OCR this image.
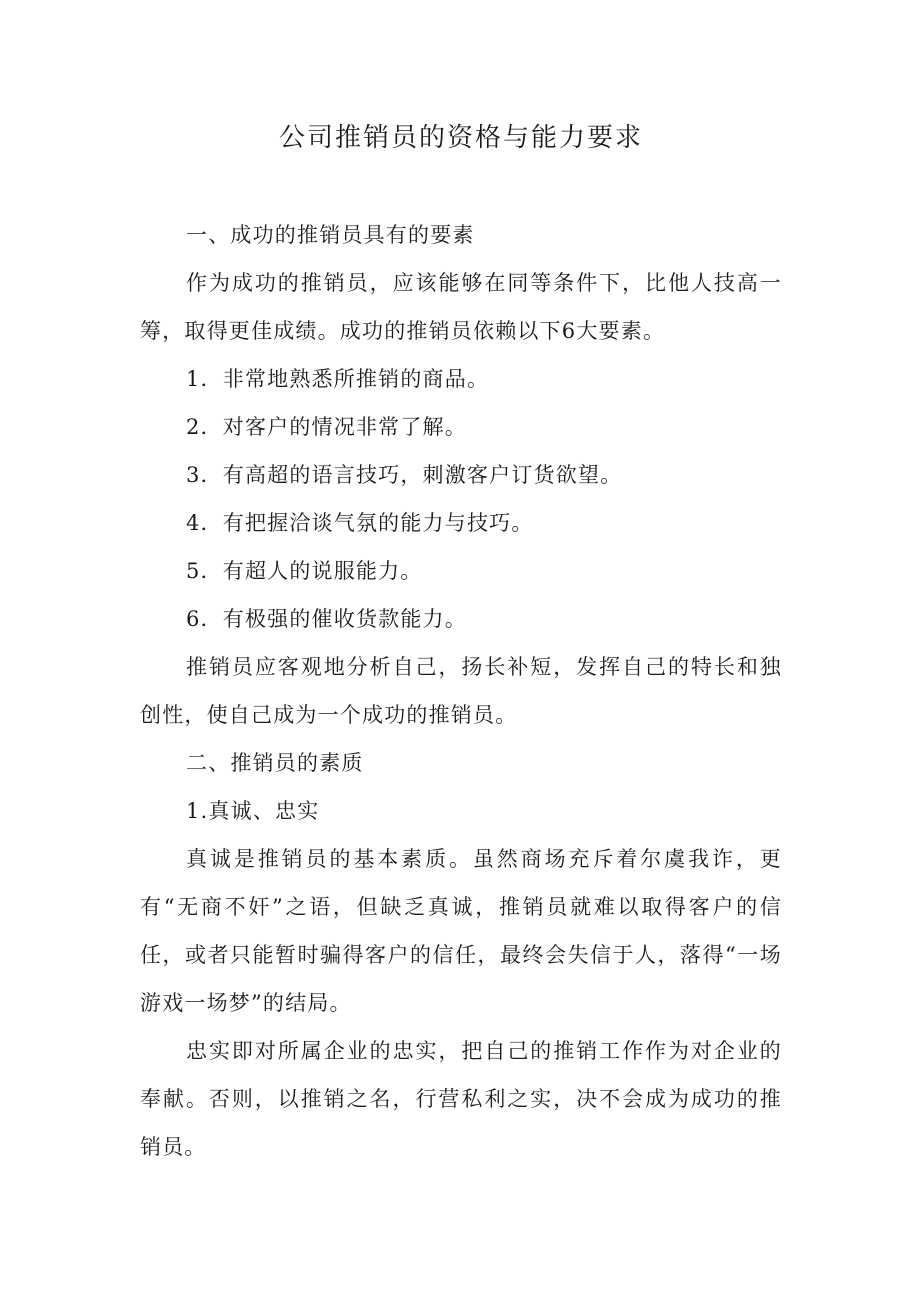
公司推销员的资格与能力要求

一、成功的推销员具有的要素

作为成功的推销员，应该能够在同等条件下，比他人技高一筹，取得更佳成绩。成功的推销员依赖以下6大要素。

1．非常地熟悉所推销的商品。

2．对客户的情况非常了解。

3．有高超的语言技巧，刺激客户订货欲望。

4．有把握洽谈气氛的能力与技巧。

5．有超人的说服能力。

6．有极强的催收货款能力。

推销员应客观地分析自己，扬长补短，发挥自己的特长和独创性，使自己成为一个成功的推销员。

二、推销员的素质

1.真诚、忠实

真诚是推销员的基本素质。虽然商场充斥着尔虞我诈，更有“无商不奸”之语，但缺乏真诚，推销员就难以取得客户的信任，或者只能暂时骗得客户的信任，最终会失信于人，落得“一场游戏一场梦”的结局。

忠实即对所属企业的忠实，把自己的推销工作作为对企业的奉献。否则，以推销之名，行营私利之实，决不会成为成功的推销员。
